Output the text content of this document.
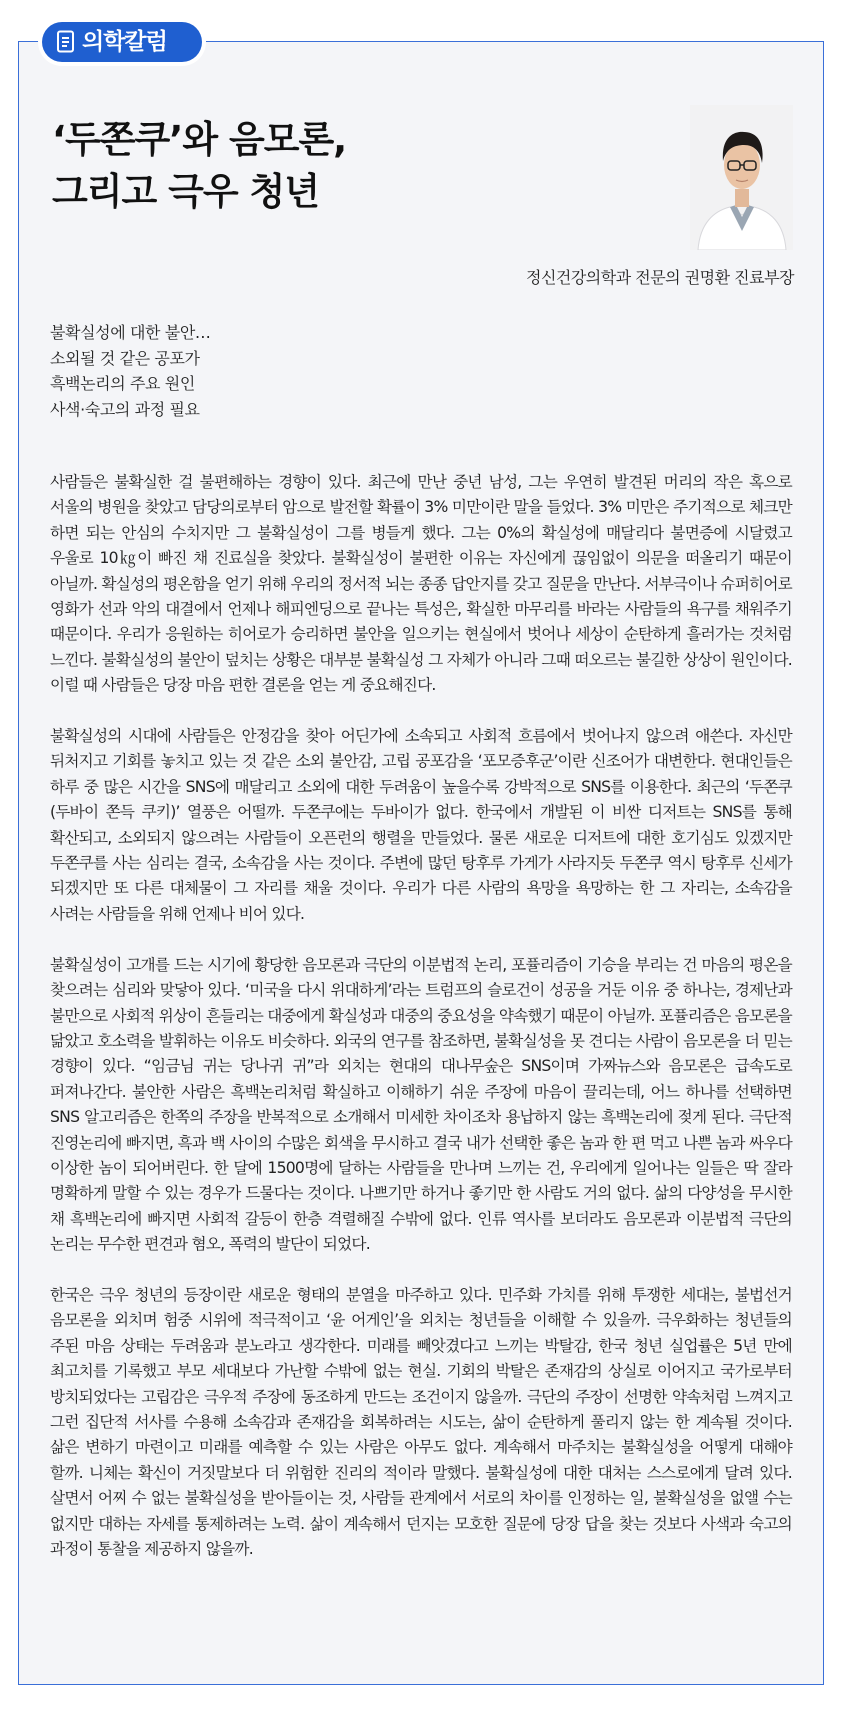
의학칼럼
‘두쫀쿠’와 음모론,
그리고 극우 청년
정신건강의학과 전문의 권명환 진료부장
불확실성에 대한 불안…
소외될 것 같은 공포가
흑백논리의 주요 원인
사색·숙고의 과정 필요

사람들은 불확실한 걸 불편해하는 경향이 있다. 최근에 만난 중년 남성, 그는 우연히 발견된 머리의 작은 혹으로 서울의 병원을 찾았고 담당의로부터 암으로 발전할 확률이 3% 미만이란 말을 들었다. 3% 미만은 주기적으로 체크만 하면 되는 안심의 수치지만 그 불확실성이 그를 병들게 했다. 그는 0%의 확실성에 매달리다 불면증에 시달렸고 우울로 10㎏이 빠진 채 진료실을 찾았다. 불확실성이 불편한 이유는 자신에게 끊임없이 의문을 떠올리기 때문이 아닐까. 확실성의 평온함을 얻기 위해 우리의 정서적 뇌는 종종 답안지를 갖고 질문을 만난다. 서부극이나 슈퍼히어로 영화가 선과 악의 대결에서 언제나 해피엔딩으로 끝나는 특성은, 확실한 마무리를 바라는 사람들의 욕구를 채워주기 때문이다. 우리가 응원하는 히어로가 승리하면 불안을 일으키는 현실에서 벗어나 세상이 순탄하게 흘러가는 것처럼 느낀다. 불확실성의 불안이 덮치는 상황은 대부분 불확실성 그 자체가 아니라 그때 떠오르는 불길한 상상이 원인이다. 이럴 때 사람들은 당장 마음 편한 결론을 얻는 게 중요해진다.

불확실성의 시대에 사람들은 안정감을 찾아 어딘가에 소속되고 사회적 흐름에서 벗어나지 않으려 애쓴다. 자신만 뒤처지고 기회를 놓치고 있는 것 같은 소외 불안감, 고립 공포감을 ‘포모증후군’이란 신조어가 대변한다. 현대인들은 하루 중 많은 시간을 SNS에 매달리고 소외에 대한 두려움이 높을수록 강박적으로 SNS를 이용한다. 최근의 ‘두쫀쿠(두바이 쫀득 쿠키)’ 열풍은 어떨까. 두쫀쿠에는 두바이가 없다. 한국에서 개발된 이 비싼 디저트는 SNS를 통해 확산되고, 소외되지 않으려는 사람들이 오픈런의 행렬을 만들었다. 물론 새로운 디저트에 대한 호기심도 있겠지만 두쫀쿠를 사는 심리는 결국, 소속감을 사는 것이다. 주변에 많던 탕후루 가게가 사라지듯 두쫀쿠 역시 탕후루 신세가 되겠지만 또 다른 대체물이 그 자리를 채울 것이다. 우리가 다른 사람의 욕망을 욕망하는 한 그 자리는, 소속감을 사려는 사람들을 위해 언제나 비어 있다.

불확실성이 고개를 드는 시기에 황당한 음모론과 극단의 이분법적 논리, 포퓰리즘이 기승을 부리는 건 마음의 평온을 찾으려는 심리와 맞닿아 있다. ‘미국을 다시 위대하게’라는 트럼프의 슬로건이 성공을 거둔 이유 중 하나는, 경제난과 불만으로 사회적 위상이 흔들리는 대중에게 확실성과 대중의 중요성을 약속했기 때문이 아닐까. 포퓰리즘은 음모론을 닮았고 호소력을 발휘하는 이유도 비슷하다. 외국의 연구를 참조하면, 불확실성을 못 견디는 사람이 음모론을 더 믿는 경향이 있다. “임금님 귀는 당나귀 귀”라 외치는 현대의 대나무숲은 SNS이며 가짜뉴스와 음모론은 급속도로 퍼져나간다. 불안한 사람은 흑백논리처럼 확실하고 이해하기 쉬운 주장에 마음이 끌리는데, 어느 하나를 선택하면 SNS 알고리즘은 한쪽의 주장을 반복적으로 소개해서 미세한 차이조차 용납하지 않는 흑백논리에 젖게 된다. 극단적 진영논리에 빠지면, 흑과 백 사이의 수많은 회색을 무시하고 결국 내가 선택한 좋은 놈과 한 편 먹고 나쁜 놈과 싸우다 이상한 놈이 되어버린다. 한 달에 1500명에 달하는 사람들을 만나며 느끼는 건, 우리에게 일어나는 일들은 딱 잘라 명확하게 말할 수 있는 경우가 드물다는 것이다. 나쁘기만 하거나 좋기만 한 사람도 거의 없다. 삶의 다양성을 무시한 채 흑백논리에 빠지면 사회적 갈등이 한층 격렬해질 수밖에 없다. 인류 역사를 보더라도 음모론과 이분법적 극단의 논리는 무수한 편견과 혐오, 폭력의 발단이 되었다.

한국은 극우 청년의 등장이란 새로운 형태의 분열을 마주하고 있다. 민주화 가치를 위해 투쟁한 세대는, 불법선거 음모론을 외치며 험중 시위에 적극적이고 ‘윤 어게인’을 외치는 청년들을 이해할 수 있을까. 극우화하는 청년들의 주된 마음 상태는 두려움과 분노라고 생각한다. 미래를 빼앗겼다고 느끼는 박탈감, 한국 청년 실업률은 5년 만에 최고치를 기록했고 부모 세대보다 가난할 수밖에 없는 현실. 기회의 박탈은 존재감의 상실로 이어지고 국가로부터 방치되었다는 고립감은 극우적 주장에 동조하게 만드는 조건이지 않을까. 극단의 주장이 선명한 약속처럼 느껴지고 그런 집단적 서사를 수용해 소속감과 존재감을 회복하려는 시도는, 삶이 순탄하게 풀리지 않는 한 계속될 것이다. 삶은 변하기 마련이고 미래를 예측할 수 있는 사람은 아무도 없다. 계속해서 마주치는 불확실성을 어떻게 대해야 할까. 니체는 확신이 거짓말보다 더 위험한 진리의 적이라 말했다. 불확실성에 대한 대처는 스스로에게 달려 있다. 살면서 어찌 수 없는 불확실성을 받아들이는 것, 사람들 관계에서 서로의 차이를 인정하는 일, 불확실성을 없앨 수는 없지만 대하는 자세를 통제하려는 노력. 삶이 계속해서 던지는 모호한 질문에 당장 답을 찾는 것보다 사색과 숙고의 과정이 통찰을 제공하지 않을까.
